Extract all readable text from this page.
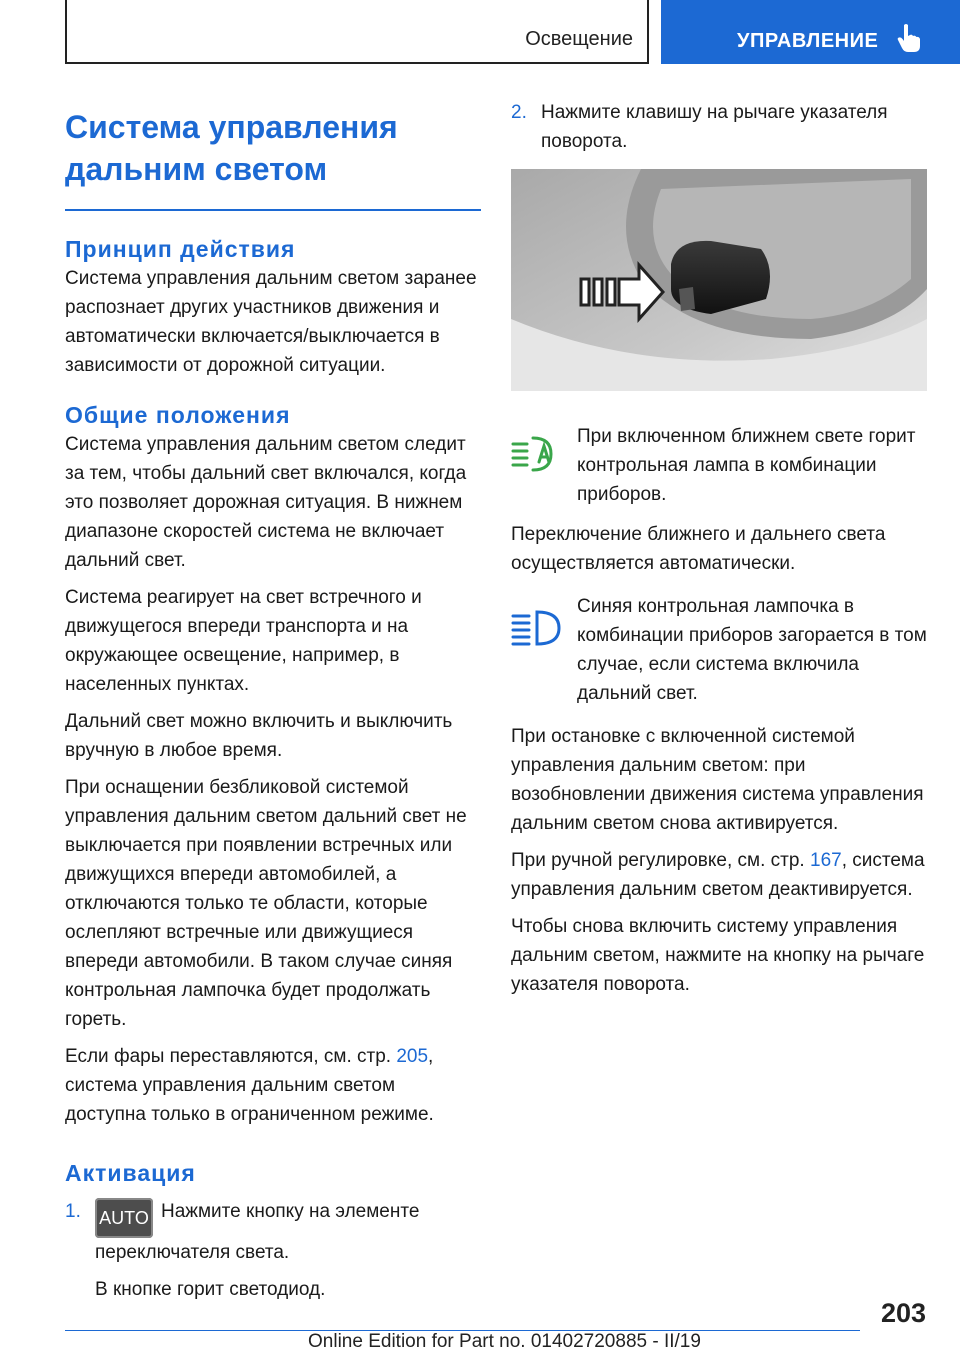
Освещение	УПРАВЛЕНИЕ
Система управления дальним светом
Принцип действия

Система управления дальним светом заранее распознает других участников движения и автоматически включается/выключается в зависимости от дорожной ситуации.

Общие положения

Система управления дальним светом следит за тем, чтобы дальний свет включался, когда это позволяет дорожная ситуация. В нижнем диапазоне скоростей система не включает дальний свет.

Система реагирует на свет встречного и движущегося впереди транспорта и на окружающее освещение, например, в населенных пунктах.

Дальний свет можно включить и выключить вручную в любое время.

При оснащении безбликовой системой управления дальним светом дальний свет не выключается при появлении встречных или движущихся впереди автомобилей, а отключаются только те области, которые ослепляют встречные или движущиеся впереди автомобили. В таком случае синяя контрольная лампочка будет продолжать гореть.

Если фары переставляются, см. стр. 205, система управления дальним светом доступна только в ограниченном режиме.

Активация
1. AUTO Нажмите кнопку на элементе переключателя света.

В кнопке горит светодиод.

2. Нажмите клавишу на рычаге указателя поворота.
При включенном ближнем свете горит контрольная лампа в комбинации приборов.

Переключение ближнего и дальнего света осуществляется автоматически.

Синяя контрольная лампочка в комбинации приборов загорается в том случае, если система включила дальний свет.

При остановке с включенной системой управления дальним светом: при возобновлении движения система управления дальним светом снова активируется.

При ручной регулировке, см. стр. 167, система управления дальним светом деактивируется.

Чтобы снова включить систему управления дальним светом, нажмите на кнопку на рычаге указателя поворота.

203
Online Edition for Part no. 01402720885 - II/19
